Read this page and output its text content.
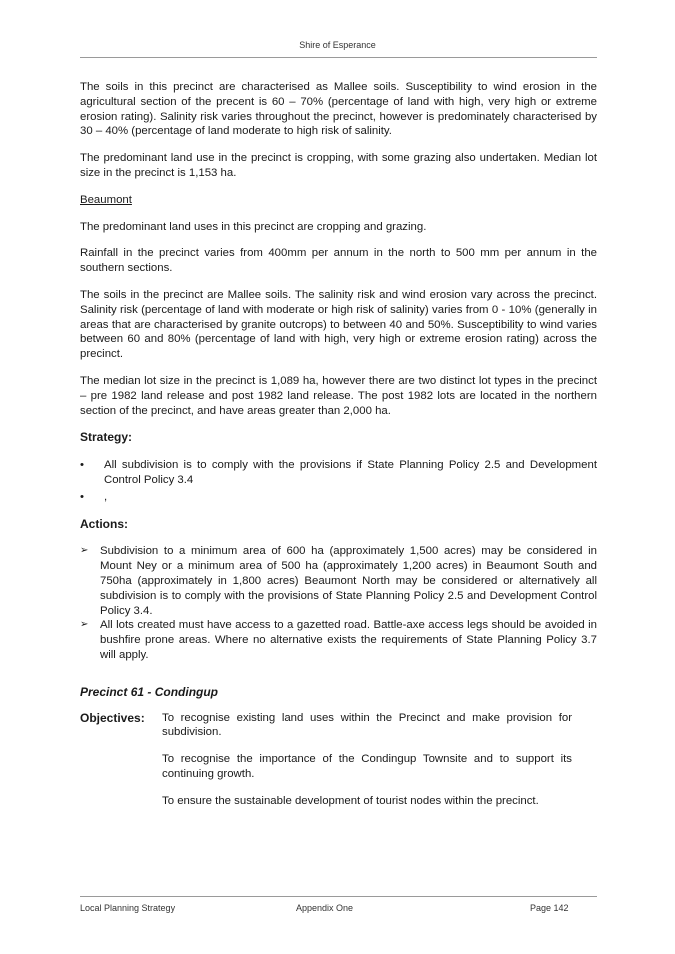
Shire of Esperance

The soils in this precinct are characterised as Mallee soils. Susceptibility to wind erosion in the agricultural section of the precent is 60 – 70% (percentage of land with high, very high or extreme erosion rating). Salinity risk varies throughout the precinct, however is predominately characterised by 30 – 40% (percentage of land moderate to high risk of salinity.

The predominant land use in the precinct is cropping, with some grazing also undertaken. Median lot size in the precinct is 1,153 ha.

Beaumont

The predominant land uses in this precinct are cropping and grazing.

Rainfall in the precinct varies from 400mm per annum in the north to 500 mm per annum in the southern sections.

The soils in the precinct are Mallee soils. The salinity risk and wind erosion vary across the precinct. Salinity risk (percentage of land with moderate or high risk of salinity) varies from 0 - 10% (generally in areas that are characterised by granite outcrops) to between 40 and 50%. Susceptibility to wind varies between 60 and 80% (percentage of land with high, very high or extreme erosion rating) across the precinct.

The median lot size in the precinct is 1,089 ha, however there are two distinct lot types in the precinct – pre 1982 land release and post 1982 land release. The post 1982 lots are located in the northern section of the precinct, and have areas greater than 2,000 ha.

Strategy:

• All subdivision is to comply with the provisions if State Planning Policy 2.5 and Development Control Policy 3.4
• ,

Actions:

➢ Subdivision to a minimum area of 600 ha (approximately 1,500 acres) may be considered in Mount Ney or a minimum area of 500 ha (approximately 1,200 acres) in Beaumont South and 750ha (approximately in 1,800 acres) Beaumont North may be considered or alternatively all subdivision is to comply with the provisions of State Planning Policy 2.5 and Development Control Policy 3.4.
➢ All lots created must have access to a gazetted road. Battle-axe access legs should be avoided in bushfire prone areas. Where no alternative exists the requirements of State Planning Policy 3.7 will apply.

Precinct 61 - Condingup

Objectives:	To recognise existing land uses within the Precinct and make provision for subdivision.

To recognise the importance of the Condingup Townsite and to support its continuing growth.

To ensure the sustainable development of tourist nodes within the precinct.

Local Planning Strategy	Appendix One	Page 142
